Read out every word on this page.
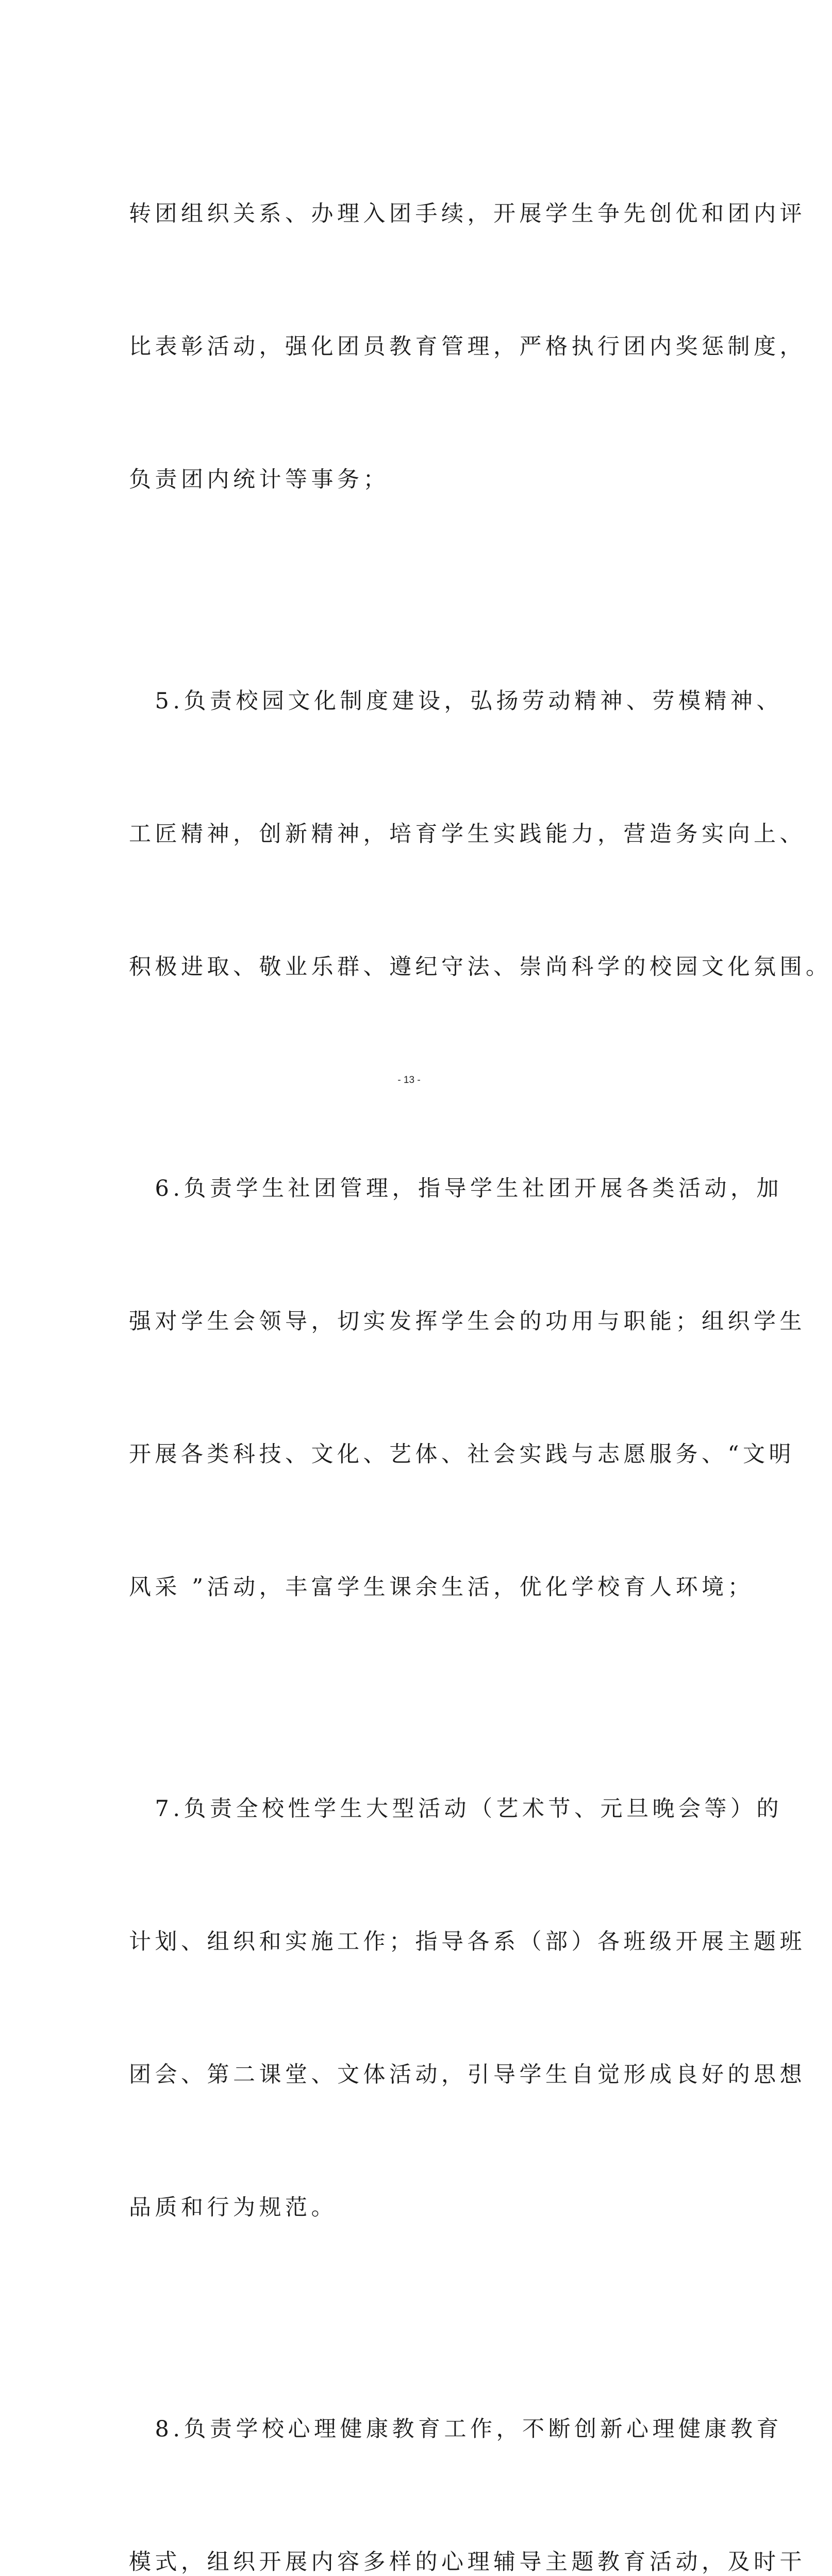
转团组织关系、办理入团手续，开展学生争先创优和团内评

比表彰活动，强化团员教育管理，严格执行团内奖惩制度，

负责团内统计等事务；

　5.负责校园文化制度建设，弘扬劳动精神、劳模精神、

工匠精神，创新精神，培育学生实践能力，营造务实向上、

积极进取、敬业乐群、遵纪守法、崇尚科学的校园文化氛围。

　6.负责学生社团管理，指导学生社团开展各类活动，加

强对学生会领导，切实发挥学生会的功用与职能；组织学生

开展各类科技、文化、艺体、社会实践与志愿服务、“文明

风采 ”活动，丰富学生课余生活，优化学校育人环境；

　7.负责全校性学生大型活动（艺术节、元旦晚会等）的

计划、组织和实施工作；指导各系（部）各班级开展主题班

团会、第二课堂、文体活动，引导学生自觉形成良好的思想

品质和行为规范。

　8.负责学校心理健康教育工作，不断创新心理健康教育

模式，组织开展内容多样的心理辅导主题教育活动，及时干

- 13 -
